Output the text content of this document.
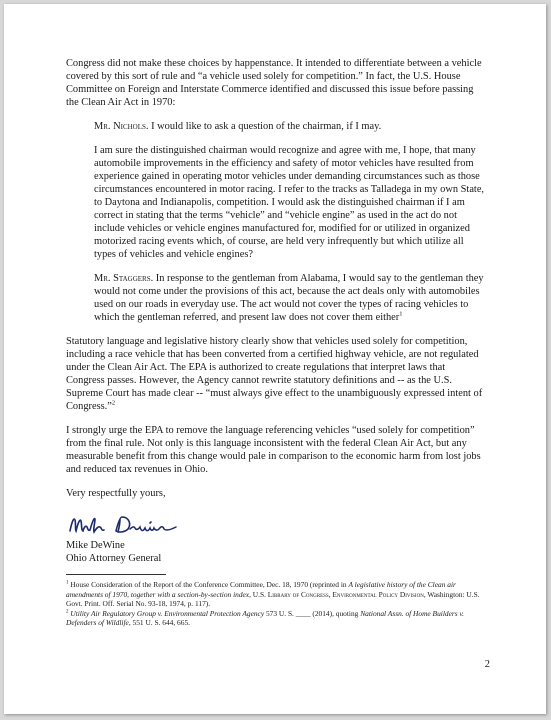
Congress did not make these choices by happenstance. It intended to differentiate between a vehicle covered by this sort of rule and “a vehicle used solely for competition.” In fact, the U.S. House Committee on Foreign and Interstate Commerce identified and discussed this issue before passing the Clean Air Act in 1970:

Mr. Nichols. I would like to ask a question of the chairman, if I may.

I am sure the distinguished chairman would recognize and agree with me, I hope, that many automobile improvements in the efficiency and safety of motor vehicles have resulted from experience gained in operating motor vehicles under demanding circumstances such as those circumstances encountered in motor racing. I refer to the tracks as Talladega in my own State, to Daytona and Indianapolis, competition. I would ask the distinguished chairman if I am correct in stating that the terms “vehicle” and “vehicle engine” as used in the act do not include vehicles or vehicle engines manufactured for, modified for or utilized in organized motorized racing events which, of course, are held very infrequently but which utilize all types of vehicles and vehicle engines?

Mr. Staggers. In response to the gentleman from Alabama, I would say to the gentleman they would not come under the provisions of this act, because the act deals only with automobiles used on our roads in everyday use. The act would not cover the types of racing vehicles to which the gentleman referred, and present law does not cover them either$^1$

Statutory language and legislative history clearly show that vehicles used solely for competition, including a race vehicle that has been converted from a certified highway vehicle, are not regulated under the Clean Air Act. The EPA is authorized to create regulations that interpret laws that Congress passes. However, the Agency cannot rewrite statutory definitions and -- as the U.S. Supreme Court has made clear -- “must always give effect to the unambiguously expressed intent of Congress.”$^2$

I strongly urge the EPA to remove the language referencing vehicles “used solely for competition” from the final rule. Not only is this language inconsistent with the federal Clean Air Act, but any measurable benefit from this change would pale in comparison to the economic harm from lost jobs and reduced tax revenues in Ohio.

Very respectfully yours,

Mike DeWine
Ohio Attorney General

$^1$ House Consideration of the Report of the Conference Committee, Dec. 18, 1970 (reprinted in A legislative history of the Clean air amendments of 1970, together with a section-by-section index, U.S. Library of Congress, Environmental Policy Division, Washington: U.S. Govt. Print. Off. Serial No. 93-18, 1974, p. 117).

$^2$ Utility Air Regulatory Group v. Environmental Protection Agency 573 U. S. ____ (2014), quoting National Assn. of Home Builders v. Defenders of Wildlife, 551 U. S. 644, 665.

2
